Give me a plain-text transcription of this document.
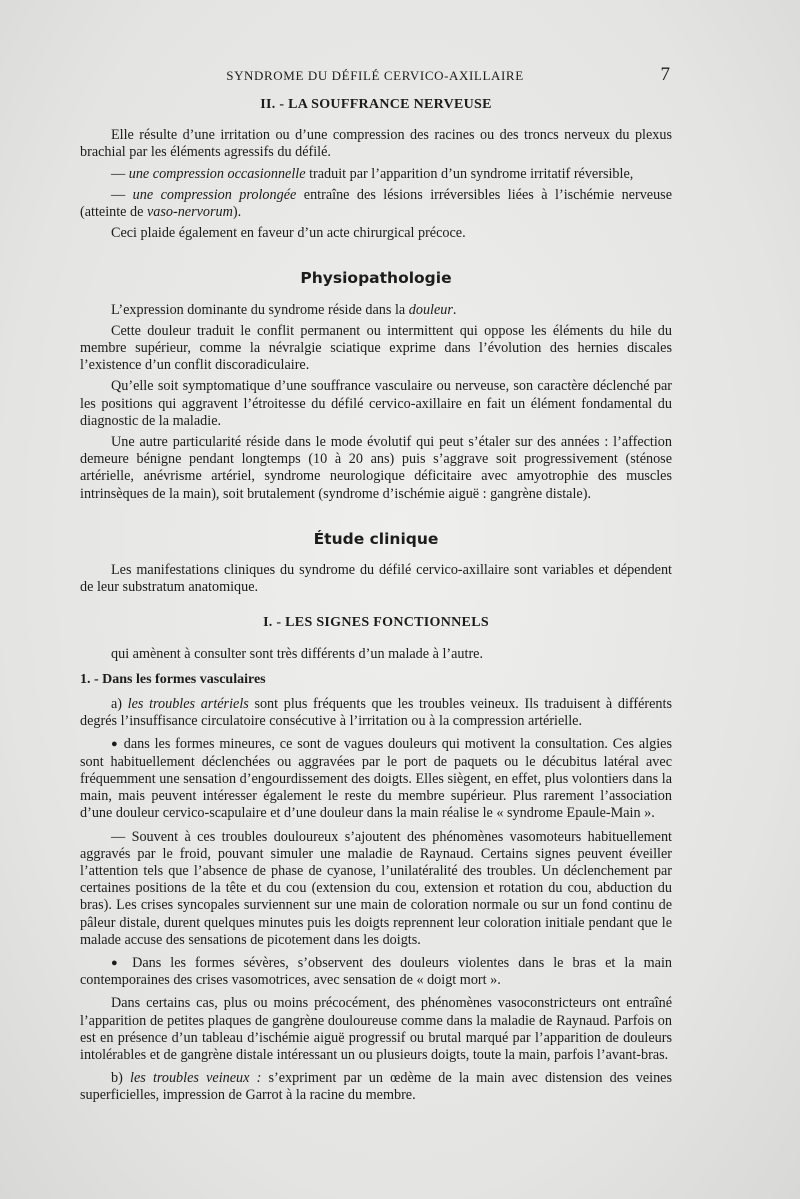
SYNDROME DU DÉFILÉ CERVICO-AXILLAIRE	7
II. - LA SOUFFRANCE NERVEUSE

Elle résulte d’une irritation ou d’une compression des racines ou des troncs nerveux du plexus brachial par les éléments agressifs du défilé.

— une compression occasionnelle traduit par l’apparition d’un syndrome irritatif réversible,

— une compression prolongée entraîne des lésions irréversibles liées à l’ischémie nerveuse (atteinte de vaso-nervorum).

Ceci plaide également en faveur d’un acte chirurgical précoce.

Physiopathologie

L’expression dominante du syndrome réside dans la douleur.

Cette douleur traduit le conflit permanent ou intermittent qui oppose les éléments du hile du membre supérieur, comme la névralgie sciatique exprime dans l’évolution des hernies discales l’existence d’un conflit discoradiculaire.

Qu’elle soit symptomatique d’une souffrance vasculaire ou nerveuse, son caractère déclenché par les positions qui aggravent l’étroitesse du défilé cervico-axillaire en fait un élément fondamental du diagnostic de la maladie.

Une autre particularité réside dans le mode évolutif qui peut s’étaler sur des années : l’affection demeure bénigne pendant longtemps (10 à 20 ans) puis s’aggrave soit progressivement (sténose artérielle, anévrisme artériel, syndrome neurologique déficitaire avec amyotrophie des muscles intrinsèques de la main), soit brutalement (syndrome d’ischémie aiguë : gangrène distale).

Étude clinique

Les manifestations cliniques du syndrome du défilé cervico-axillaire sont variables et dépendent de leur substratum anatomique.

I. - LES SIGNES FONCTIONNELS

qui amènent à consulter sont très différents d’un malade à l’autre.

1. - Dans les formes vasculaires

a) les troubles artériels sont plus fréquents que les troubles veineux. Ils traduisent à différents degrés l’insuffisance circulatoire consécutive à l’irritation ou à la compression artérielle.

● dans les formes mineures, ce sont de vagues douleurs qui motivent la consultation. Ces algies sont habituellement déclenchées ou aggravées par le port de paquets ou le décubitus latéral avec fréquemment une sensation d’engourdissement des doigts. Elles siègent, en effet, plus volontiers dans la main, mais peuvent intéresser également le reste du membre supérieur. Plus rarement l’association d’une douleur cervico-scapulaire et d’une douleur dans la main réalise le « syndrome Epaule-Main ».

— Souvent à ces troubles douloureux s’ajoutent des phénomènes vasomoteurs habituellement aggravés par le froid, pouvant simuler une maladie de Raynaud. Certains signes peuvent éveiller l’attention tels que l’absence de phase de cyanose, l’unilatéralité des troubles. Un déclenchement par certaines positions de la tête et du cou (extension du cou, extension et rotation du cou, abduction du bras). Les crises syncopales surviennent sur une main de coloration normale ou sur un fond continu de pâleur distale, durent quelques minutes puis les doigts reprennent leur coloration initiale pendant que le malade accuse des sensations de picotement dans les doigts.

● Dans les formes sévères, s’observent des douleurs violentes dans le bras et la main contemporaines des crises vasomotrices, avec sensation de « doigt mort ».

Dans certains cas, plus ou moins précocément, des phénomènes vasoconstricteurs ont entraîné l’apparition de petites plaques de gangrène douloureuse comme dans la maladie de Raynaud. Parfois on est en présence d’un tableau d’ischémie aiguë progressif ou brutal marqué par l’apparition de douleurs intolérables et de gangrène distale intéressant un ou plusieurs doigts, toute la main, parfois l’avant-bras.

b) les troubles veineux : s’expriment par un œdème de la main avec distension des veines superficielles, impression de Garrot à la racine du membre.
